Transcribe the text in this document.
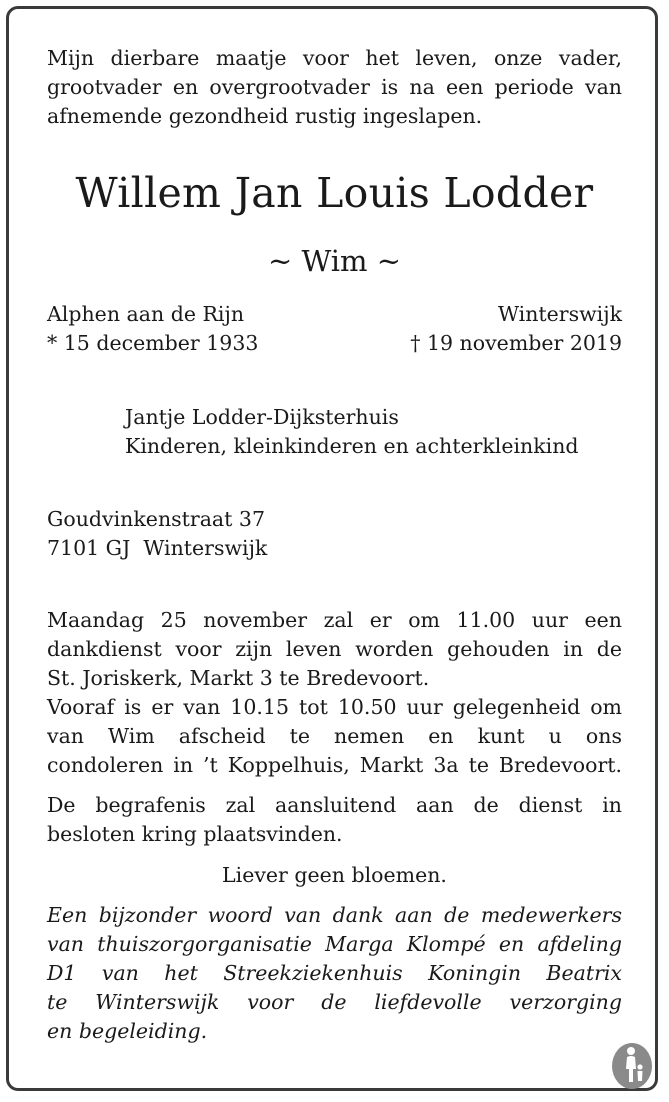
Mijn dierbare maatje voor het leven, onze vader,
grootvader en overgrootvader is na een periode van
afnemende gezondheid rustig ingeslapen.

Willem Jan Louis Lodder
~ Wim ~
Alphen aan de Rijn
* 15 december 1933
Winterswijk
† 19 november 2019
Jantje Lodder-Dijksterhuis
Kinderen, kleinkinderen en achterkleinkind
Goudvinkenstraat 37
7101 GJ  Winterswijk

Maandag 25 november zal er om 11.00 uur een
dankdienst voor zijn leven worden gehouden in de
St. Joriskerk, Markt 3 te Bredevoort.
Vooraf is er van 10.15 tot 10.50 uur gelegenheid om
van Wim afscheid te nemen en kunt u ons
condoleren in ’t Koppelhuis, Markt 3a te Bredevoort.

De begrafenis zal aansluitend aan de dienst in
besloten kring plaatsvinden.

Liever geen bloemen.

Een bijzonder woord van dank aan de medewerkers
van thuiszorgorganisatie Marga Klompé en afdeling
D1 van het Streekziekenhuis Koningin Beatrix
te Winterswijk voor de liefdevolle verzorging
en begeleiding.
